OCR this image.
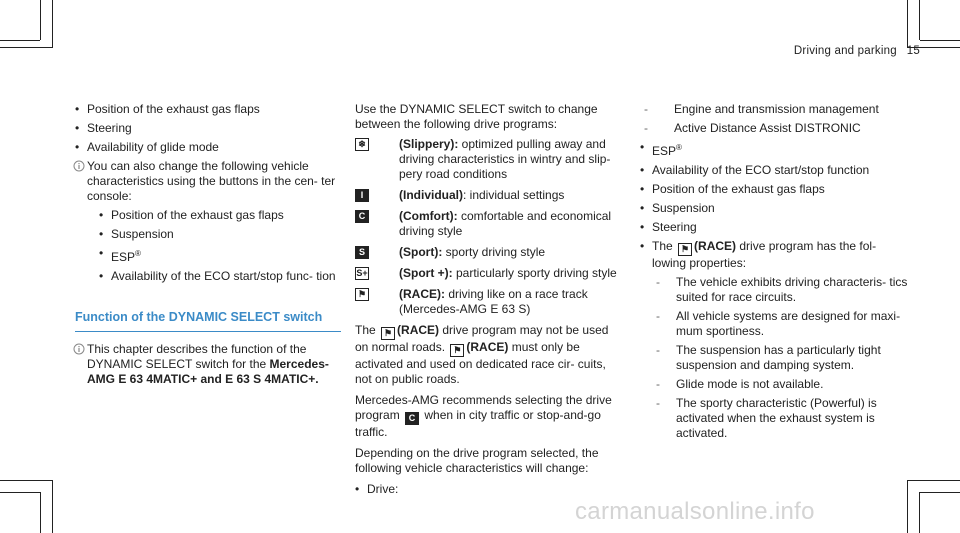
Driving and parking 15
• Position of the exhaust gas flaps
• Steering
• Availability of glide mode
You can also change the following vehicle characteristics using the buttons in the cen- ter console:
• Position of the exhaust gas flaps
• Suspension
• ESP®
• Availability of the ECO start/stop func- tion
Function of the DYNAMIC SELECT switch
This chapter describes the function of the DYNAMIC SELECT switch for the Mercedes-AMG E 63 4MATIC+ and E 63 S 4MATIC+.

Use the DYNAMIC SELECT switch to change between the following drive programs:

❄	(Slippery): optimized pulling away and driving characteristics in wintry and slip- pery road conditions
I	(Individual): individual settings
C	(Comfort): comfortable and economical driving style
S	(Sport): sporty driving style
S+	(Sport +): particularly sporty driving style
⚑	(RACE): driving like on a race track (Mercedes-AMG E 63 S)

The ⚑ (RACE) drive program may not be used on normal roads. ⚑ (RACE) must only be activated and used on dedicated race cir- cuits, not on public roads.

Mercedes-AMG recommends selecting the drive program C when in city traffic or stop-and-go traffic.

Depending on the drive program selected, the following vehicle characteristics will change:

• Drive:
- Engine and transmission management
- Active Distance Assist DISTRONIC
• ESP®
• Availability of the ECO start/stop function
• Position of the exhaust gas flaps
• Suspension
• Steering
• The ⚑ (RACE) drive program has the fol- lowing properties:
- The vehicle exhibits driving characteris- tics suited for race circuits.
- All vehicle systems are designed for maxi- mum sportiness.
- The suspension has a particularly tight suspension and damping system.
- Glide mode is not available.
- The sporty characteristic (Powerful) is activated when the exhaust system is activated.
carmanualsonline.info
